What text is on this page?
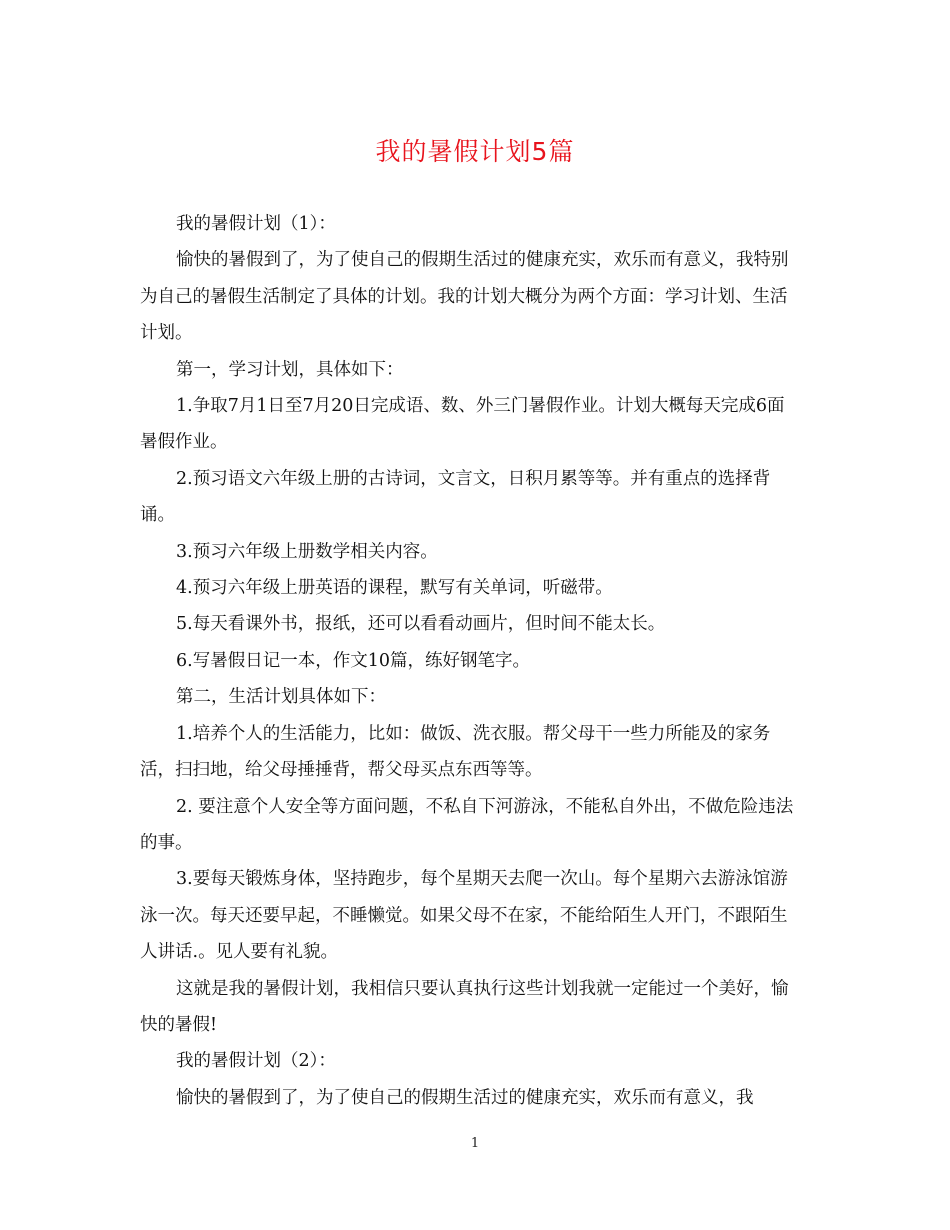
我的暑假计划5篇

我的暑假计划（1）：

愉快的暑假到了，为了使自己的假期生活过的健康充实，欢乐而有意义，我特别为自己的暑假生活制定了具体的计划。我的计划大概分为两个方面：学习计划、生活计划。

第一，学习计划，具体如下：

1.争取7月1日至7月20日完成语、数、外三门暑假作业。计划大概每天完成6面暑假作业。

2.预习语文六年级上册的古诗词，文言文，日积月累等等。并有重点的选择背诵。

3.预习六年级上册数学相关内容。

4.预习六年级上册英语的课程，默写有关单词，听磁带。

5.每天看课外书，报纸，还可以看看动画片，但时间不能太长。

6.写暑假日记一本，作文10篇，练好钢笔字。

第二，生活计划具体如下：

1.培养个人的生活能力，比如：做饭、洗衣服。帮父母干一些力所能及的家务活，扫扫地，给父母捶捶背，帮父母买点东西等等。

2. 要注意个人安全等方面问题，不私自下河游泳，不能私自外出，不做危险违法的事。

3.要每天锻炼身体，坚持跑步，每个星期天去爬一次山。每个星期六去游泳馆游泳一次。每天还要早起，不睡懒觉。如果父母不在家，不能给陌生人开门，不跟陌生人讲话.。见人要有礼貌。

这就是我的暑假计划，我相信只要认真执行这些计划我就一定能过一个美好，愉快的暑假!

我的暑假计划（2）：

愉快的暑假到了，为了使自己的假期生活过的健康充实，欢乐而有意义，我

1
